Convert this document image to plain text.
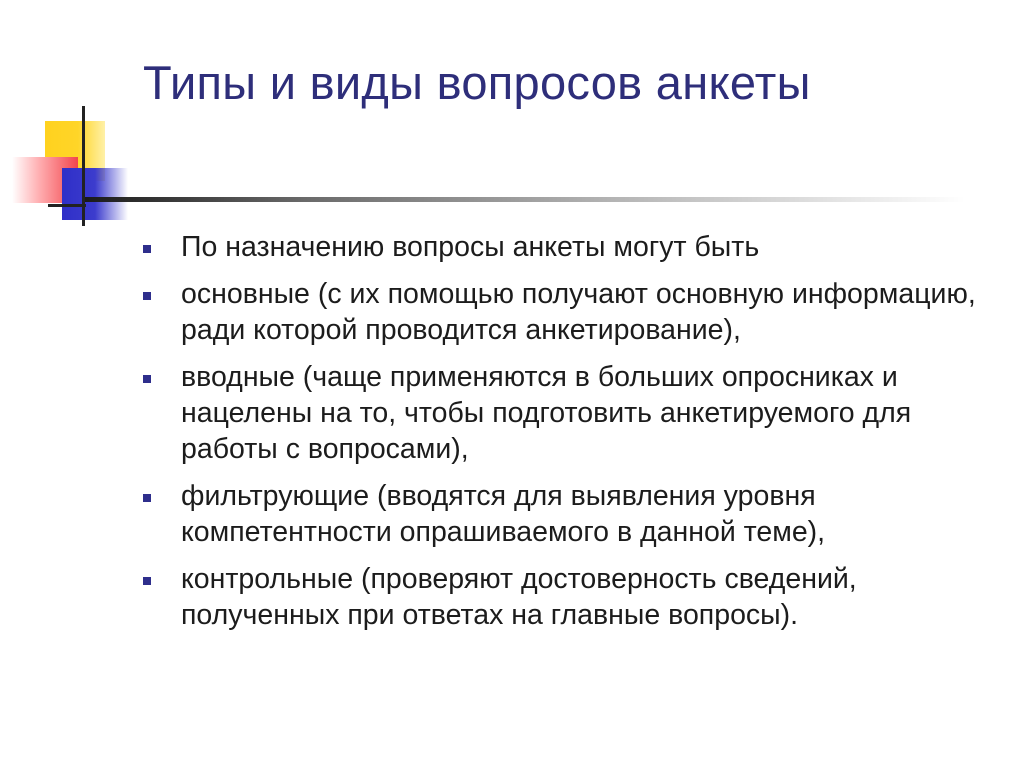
Типы и виды вопросов анкеты
По назначению вопросы анкеты могут быть
основные (с их помощью получают основную информацию, ради которой проводится анкетирование),
вводные (чаще применяются в больших опросниках и нацелены на то, чтобы подготовить анкетируемого для работы с вопросами),
фильтрующие (вводятся для выявления уровня компетентности опрашиваемого в данной теме),
контрольные (проверяют достоверность сведений, полученных при ответах на главные вопросы).
